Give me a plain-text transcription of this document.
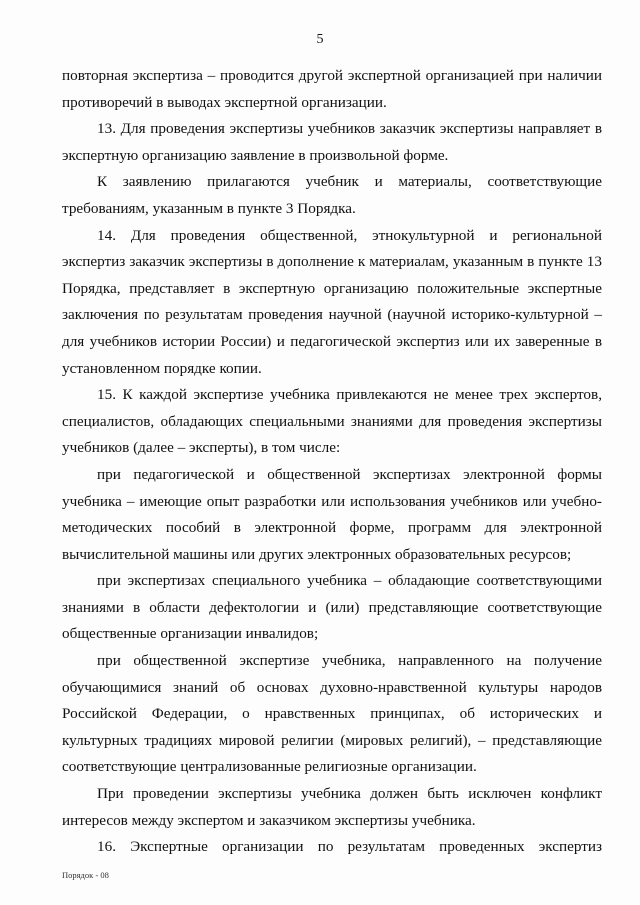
5

повторная экспертиза – проводится другой экспертной организацией при наличии противоречий в выводах экспертной организации.

13. Для проведения экспертизы учебников заказчик экспертизы направляет в экспертную организацию заявление в произвольной форме.

К заявлению прилагаются учебник и материалы, соответствующие требованиям, указанным в пункте 3 Порядка.

14. Для проведения общественной, этнокультурной и региональной экспертиз заказчик экспертизы в дополнение к материалам, указанным в пункте 13 Порядка, представляет в экспертную организацию положительные экспертные заключения по результатам проведения научной (научной историко-культурной – для учебников истории России) и педагогической экспертиз или их заверенные в установленном порядке копии.

15. К каждой экспертизе учебника привлекаются не менее трех экспертов, специалистов, обладающих специальными знаниями для проведения экспертизы учебников (далее – эксперты), в том числе:

при педагогической и общественной экспертизах электронной формы учебника – имеющие опыт разработки или использования учебников или учебно-методических пособий в электронной форме, программ для электронной вычислительной машины или других электронных образовательных ресурсов;

при экспертизах специального учебника – обладающие соответствующими знаниями в области дефектологии и (или) представляющие соответствующие общественные организации инвалидов;

при общественной экспертизе учебника, направленного на получение обучающимися знаний об основах духовно-нравственной культуры народов Российской Федерации, о нравственных принципах, об исторических и культурных традициях мировой религии (мировых религий), – представляющие соответствующие централизованные религиозные организации.

При проведении экспертизы учебника должен быть исключен конфликт интересов между экспертом и заказчиком экспертизы учебника.

16. Экспертные организации по результатам проведенных экспертиз

Порядок - 08
